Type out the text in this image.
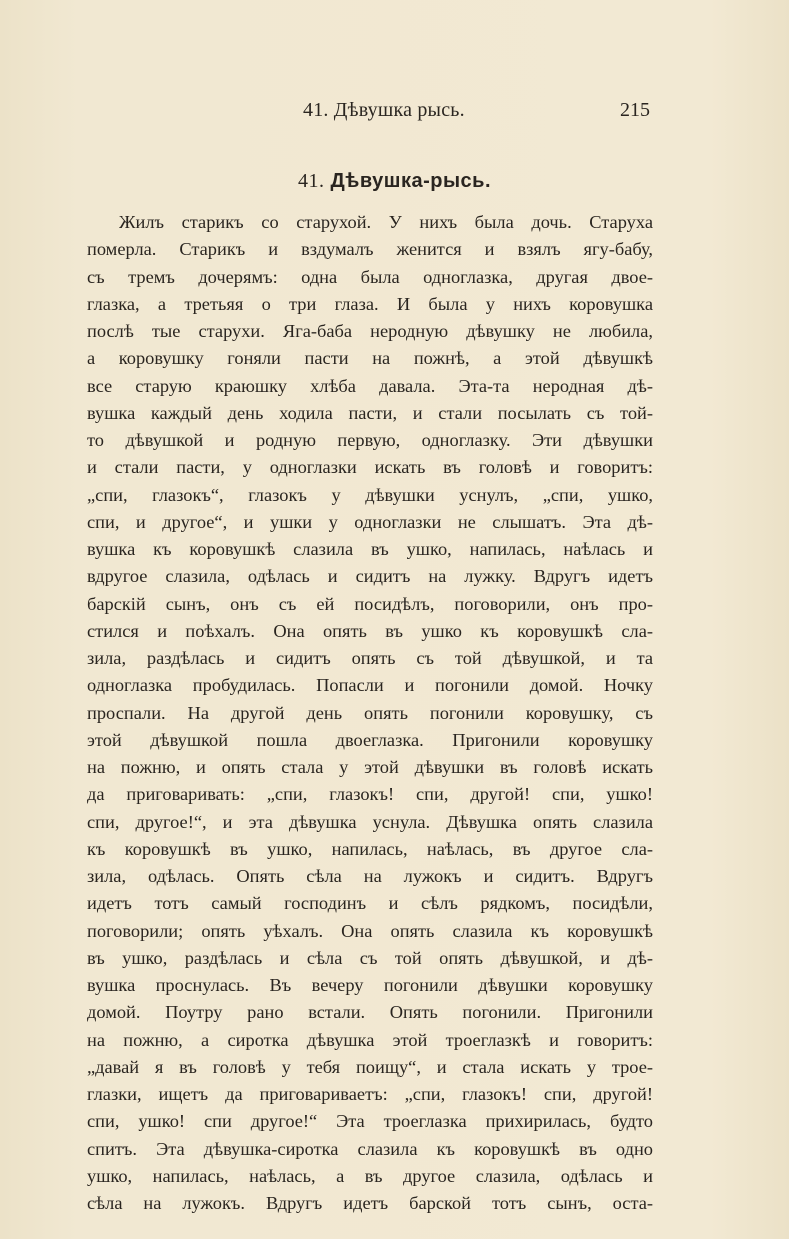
41. Дѣвушка рысь.	215
41. Дѣвушка-рысь.
Жилъ старикъ со старухой. У нихъ была дочь. Старуха
померла. Старикъ и вздумалъ женится и взялъ ягу-бабу,
съ тремъ дочерямъ: одна была одноглазка, другая двое-
глазка, а третьяя о три глаза. И была у нихъ коровушка
послѣ тые старухи. Яга-баба неродную дѣвушку не любила,
а коровушку гоняли пасти на пожнѣ, а этой дѣвушкѣ
все старую краюшку хлѣба давала. Эта-та неродная дѣ-
вушка каждый день ходила пасти, и стали посылать съ той-
то дѣвушкой и родную первую, одноглазку. Эти дѣвушки
и стали пасти, у одноглазки искать въ головѣ и говоритъ:
„спи, глазокъ“, глазокъ у дѣвушки уснулъ, „спи, ушко,
спи, и другое“, и ушки у одноглазки не слышатъ. Эта дѣ-
вушка къ коровушкѣ слазила въ ушко, напилась, наѣлась и
вдругое слазила, одѣлась и сидитъ на лужку. Вдругъ идетъ
барскій сынъ, онъ съ ей посидѣлъ, поговорили, онъ про-
стился и поѣхалъ. Она опять въ ушко къ коровушкѣ сла-
зила, раздѣлась и сидитъ опять съ той дѣвушкой, и та
одноглазка пробудилась. Попасли и погонили домой. Ночку
проспали. На другой день опять погонили коровушку, съ
этой дѣвушкой пошла двоеглазка. Пригонили коровушку
на пожню, и опять стала у этой дѣвушки въ головѣ искать
да приговаривать: „спи, глазокъ! спи, другой! спи, ушко!
спи, другое!“, и эта дѣвушка уснула. Дѣвушка опять слазила
къ коровушкѣ въ ушко, напилась, наѣлась, въ другое сла-
зила, одѣлась. Опять сѣла на лужокъ и сидитъ. Вдругъ
идетъ тотъ самый господинъ и сѣлъ рядкомъ, посидѣли,
поговорили; опять уѣхалъ. Она опять слазила къ коровушкѣ
въ ушко, раздѣлась и сѣла съ той опять дѣвушкой, и дѣ-
вушка проснулась. Въ вечеру погонили дѣвушки коровушку
домой. Поутру рано встали. Опять погонили. Пригонили
на пожню, а сиротка дѣвушка этой троеглазкѣ и говоритъ:
„давай я въ головѣ у тебя поищу“, и стала искать у трое-
глазки, ищетъ да приговариваетъ: „спи, глазокъ! спи, другой!
спи, ушко! спи другое!“ Эта троеглазка прихирилась, будто
спитъ. Эта дѣвушка-сиротка слазила къ коровушкѣ въ одно
ушко, напилась, наѣлась, а въ другое слазила, одѣлась и
сѣла на лужокъ. Вдругъ идетъ барской тотъ сынъ, оста-
